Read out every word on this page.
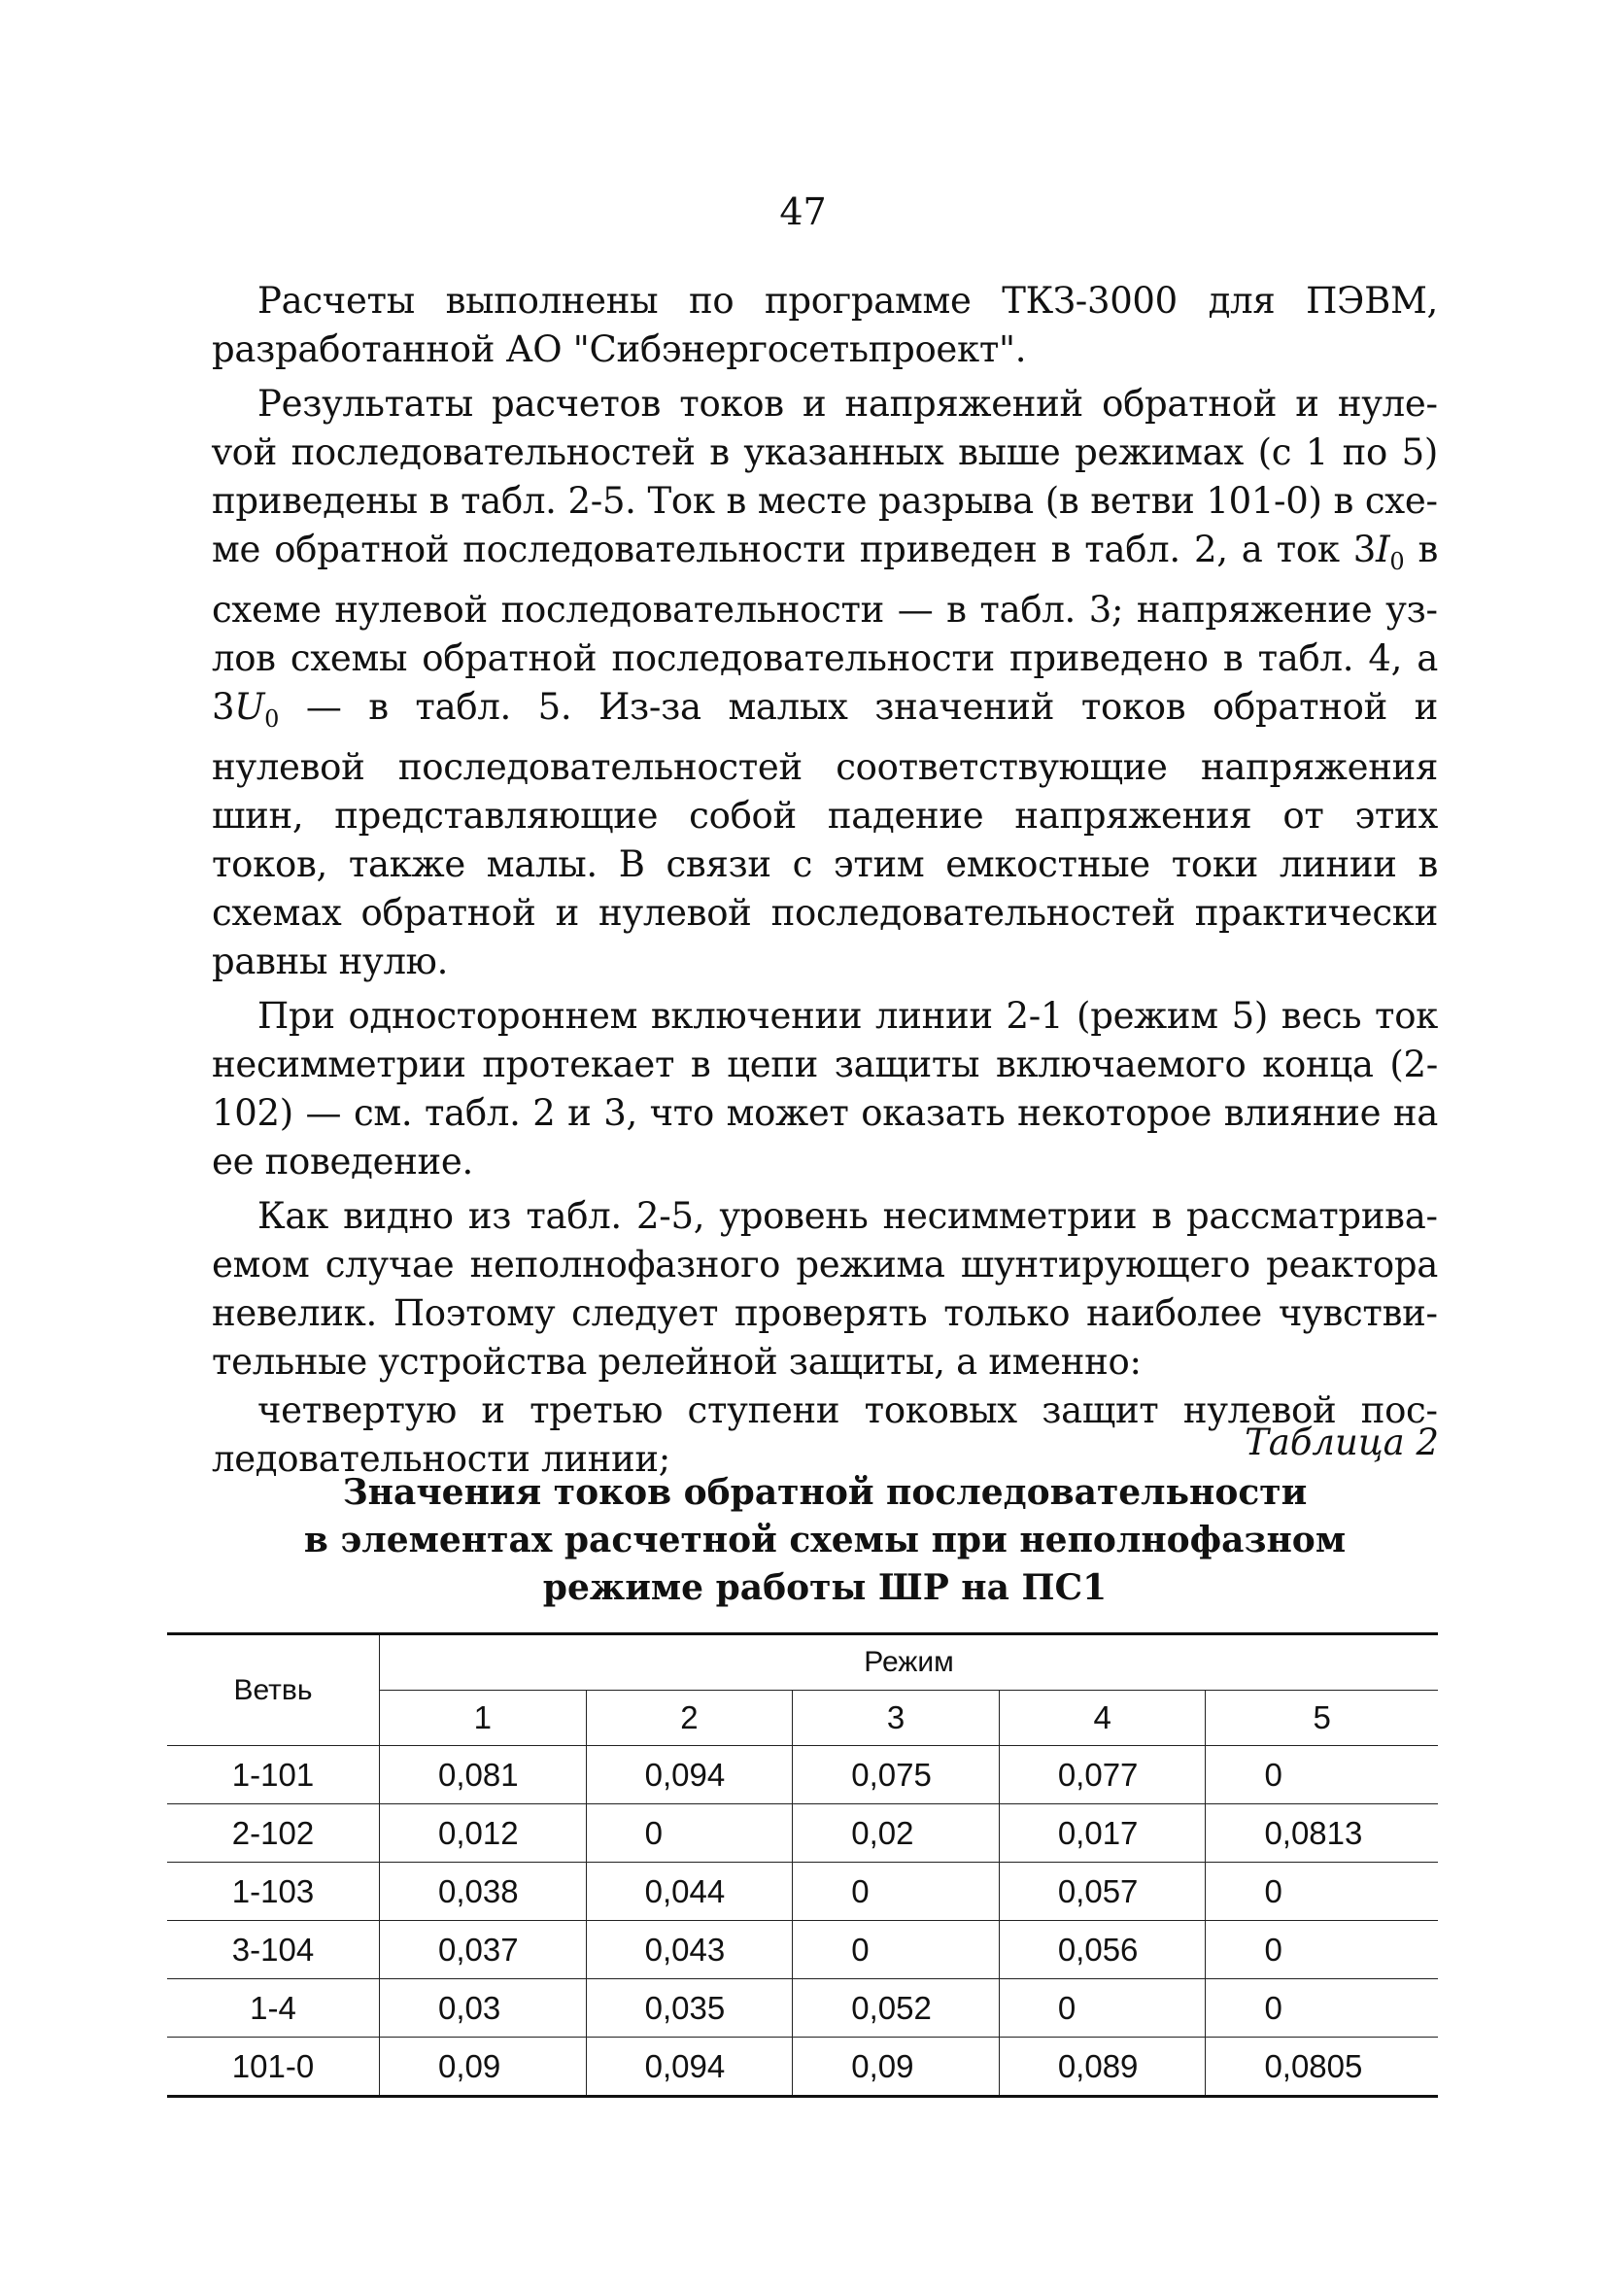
47

Расчеты выполнены по программе ТКЗ-3000 для ПЭВМ, разработанной АО "Сибэнергосетьпроект".

Результаты расчетов токов и напряжений обратной и нулеvой последовательностей в указанных выше режимах (с 1 по 5) приведены в табл. 2-5. Ток в месте разрыва (в ветви 101-0) в схеме обратной последовательности приведен в табл. 2, а ток $3I_0$ в схеме нулевой последовательности — в табл. 3; напряжение узлов схемы обратной последовательности приведено в табл. 4, а $3U_0$ — в табл. 5. Из-за малых значений токов обратной и нулевой последовательностей соответствующие напряжения шин, представляющие собой падение напряжения от этих токов, также малы. В связи с этим емкостные токи линии в схемах обратной и нулевой последовательностей практически равны нулю.

При одностороннем включении линии 2-1 (режим 5) весь ток несимметрии протекает в цепи защиты включаемого конца (2-102) — см. табл. 2 и 3, что может оказать некоторое влияние на ее поведение.

Как видно из табл. 2-5, уровень несимметрии в рассматриваемом случае неполнофазного режима шунтирующего реактора невелик. Поэтому следует проверять только наиболее чувствительные устройства релейной защиты, а именно:

четвертую и третью ступени токовых защит нулевой последовательности линии;	Таблица 2
Значения токов обратной последовательности
в элементах расчетной схемы при неполнофазном
режиме работы ШР на ПС1
Ветвь	Режим				
	1	2	3	4	5
1-101	0,081	0,094	0,075	0,077	0
2-102	0,012	0	0,02	0,017	0,0813
1-103	0,038	0,044	0	0,057	0
3-104	0,037	0,043	0	0,056	0
1-4	0,03	0,035	0,052	0	0
101-0	0,09	0,094	0,09	0,089	0,0805
